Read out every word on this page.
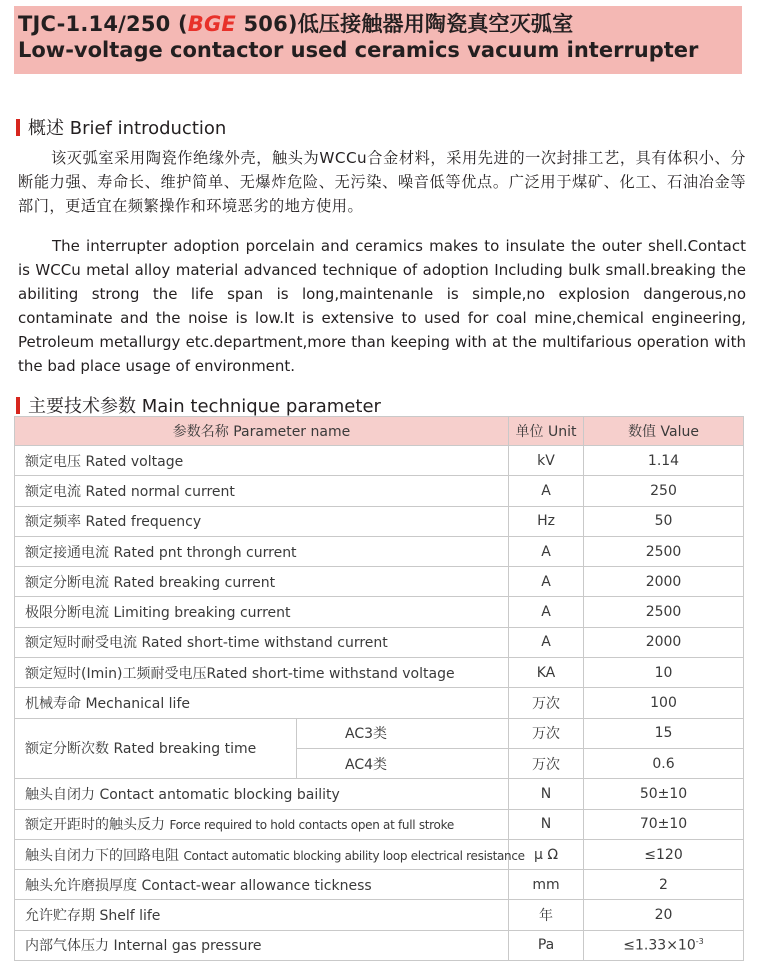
TJC-1.14/250 (BGE 506)低压接触器用陶瓷真空灭弧室
Low-voltage contactor used ceramics vacuum interrupter
概述 Brief introduction
该灭弧室采用陶瓷作绝缘外壳，触头为WCCu合金材料，采用先进的一次封排工艺，具有体积小、分断能力强、寿命长、维护简单、无爆炸危险、无污染、噪音低等优点。广泛用于煤矿、化工、石油冶金等部门，更适宜在频繁操作和环境恶劣的地方使用。
The interrupter adoption porcelain and ceramics makes to insulate the outer shell.Contact is WCCu metal alloy material advanced technique of adoption Including bulk small.breaking the abiliting strong the life span is long,maintenanle is simple,no explosion dangerous,no contaminate and the noise is low.It is extensive to used for coal mine,chemical engineering, Petroleum metallurgy etc.department,more than keeping with at the multifarious operation with the bad place usage of environment.
主要技术参数 Main technique parameter
参数名称 Parameter name		单位 Unit	数值 Value
额定电压 Rated voltage		kV	1.14
额定电流 Rated normal current		A	250
额定频率 Rated frequency		Hz	50
额定接通电流 Rated pnt throngh current		A	2500
额定分断电流 Rated breaking current		A	2000
极限分断电流 Limiting breaking current		A	2500
额定短时耐受电流 Rated short-time withstand current		A	2000
额定短时(Imin)工频耐受电压Rated short-time withstand voltage		KA	10
机械寿命 Mechanical life		万次	100
额定分断次数 Rated breaking time	AC3类	万次	15
	AC4类	万次	0.6
触头自闭力 Contact antomatic blocking baility		N	50±10
额定开距时的触头反力 Force required to hold contacts open at full stroke		N	70±10
触头自闭力下的回路电阻 Contact automatic blocking ability loop electrical resistance		μ Ω	≤120
触头允许磨损厚度 Contact-wear allowance tickness		mm	2
允许贮存期 Shelf life		年	20
内部气体压力 Internal gas pressure		Pa	$\le 1.33\times 10^{-3}$
